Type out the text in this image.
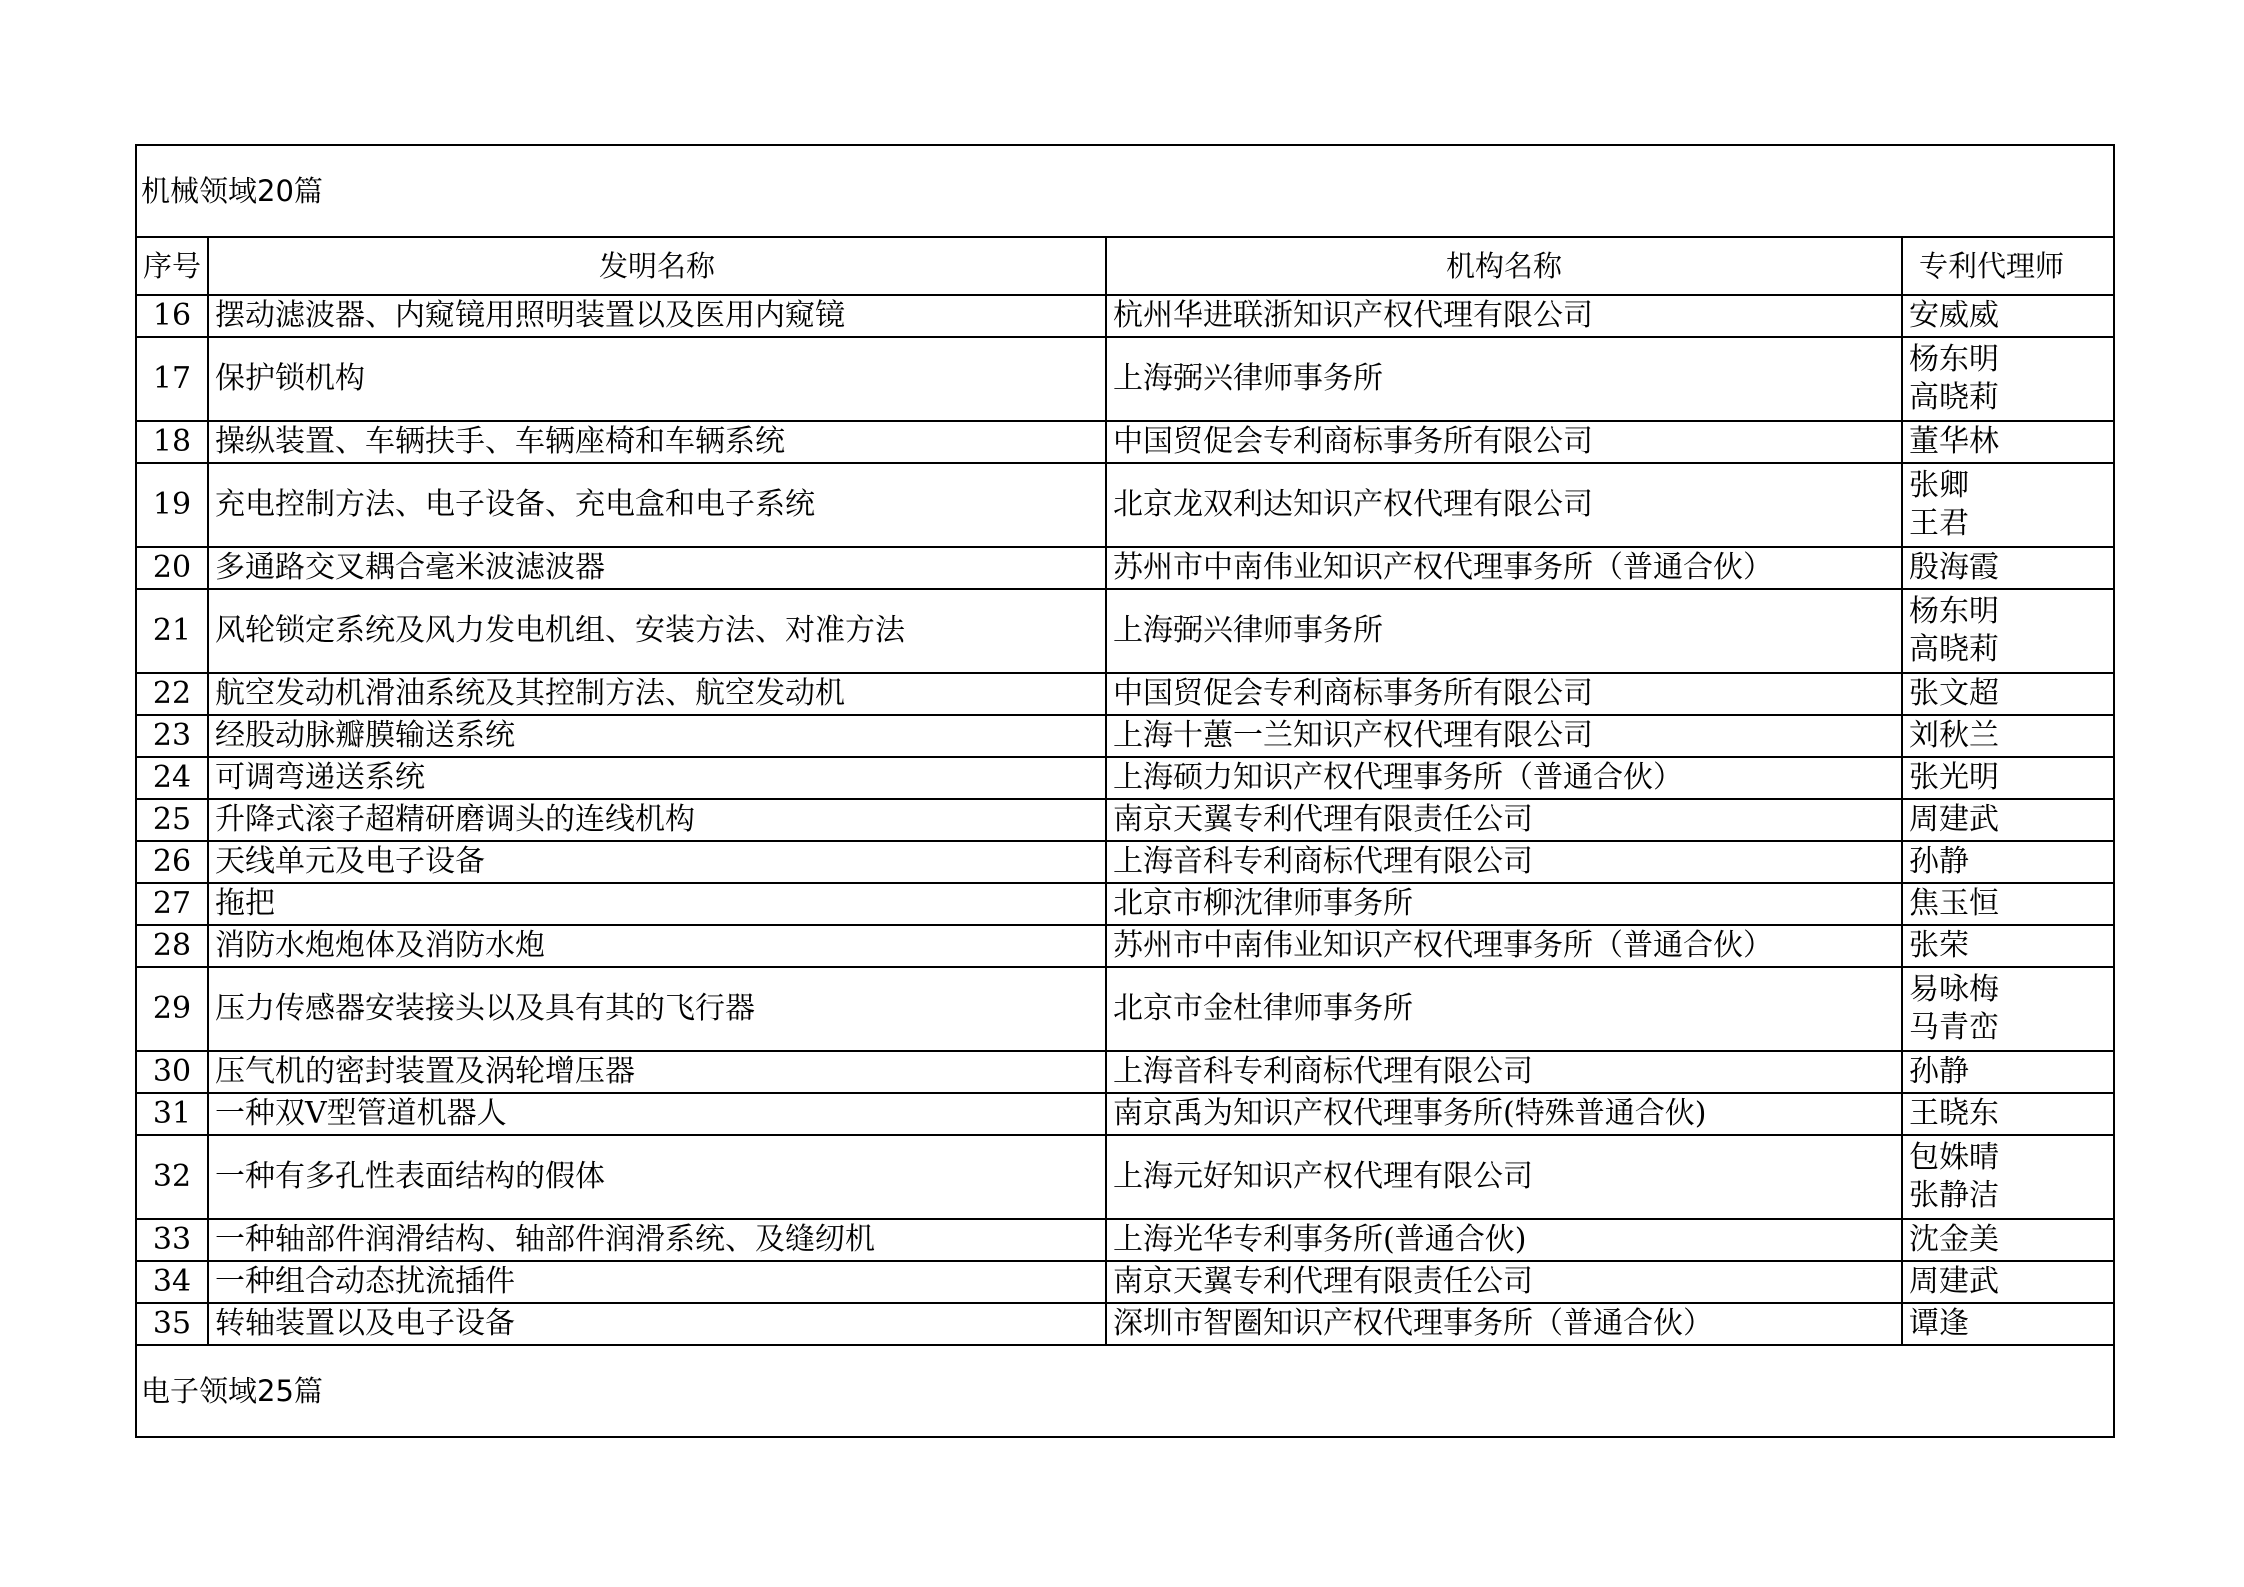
机械领域20篇			
序号	发明名称	机构名称	专利代理师
16	摆动滤波器、内窥镜用照明装置以及医用内窥镜	杭州华进联浙知识产权代理有限公司	安威威

17	保护锁机构	上海弼兴律师事务所	杨东明
高晓莉

18	操纵装置、车辆扶手、车辆座椅和车辆系统	中国贸促会专利商标事务所有限公司	董华林

19	充电控制方法、电子设备、充电盒和电子系统	北京龙双利达知识产权代理有限公司	张卿
王君

20	多通路交叉耦合毫米波滤波器	苏州市中南伟业知识产权代理事务所（普通合伙）	殷海霞

21	风轮锁定系统及风力发电机组、安装方法、对准方法	上海弼兴律师事务所	杨东明
高晓莉

22	航空发动机滑油系统及其控制方法、航空发动机	中国贸促会专利商标事务所有限公司	张文超

23	经股动脉瓣膜输送系统	上海十蕙一兰知识产权代理有限公司	刘秋兰

24	可调弯递送系统	上海硕力知识产权代理事务所（普通合伙）	张光明

25	升降式滚子超精研磨调头的连线机构	南京天翼专利代理有限责任公司	周建武

26	天线单元及电子设备	上海音科专利商标代理有限公司	孙静

27	拖把	北京市柳沈律师事务所	焦玉恒

28	消防水炮炮体及消防水炮	苏州市中南伟业知识产权代理事务所（普通合伙）	张荣

29	压力传感器安装接头以及具有其的飞行器	北京市金杜律师事务所	易咏梅
马青峦

30	压气机的密封装置及涡轮增压器	上海音科专利商标代理有限公司	孙静

31	一种双V型管道机器人	南京禹为知识产权代理事务所(特殊普通合伙)	王晓东

32	一种有多孔性表面结构的假体	上海元好知识产权代理有限公司	包姝晴
张静洁

33	一种轴部件润滑结构、轴部件润滑系统、及缝纫机	上海光华专利事务所(普通合伙)	沈金美

34	一种组合动态扰流插件	南京天翼专利代理有限责任公司	周建武

35	转轴装置以及电子设备	深圳市智圈知识产权代理事务所（普通合伙）	谭逢

电子领域25篇			
